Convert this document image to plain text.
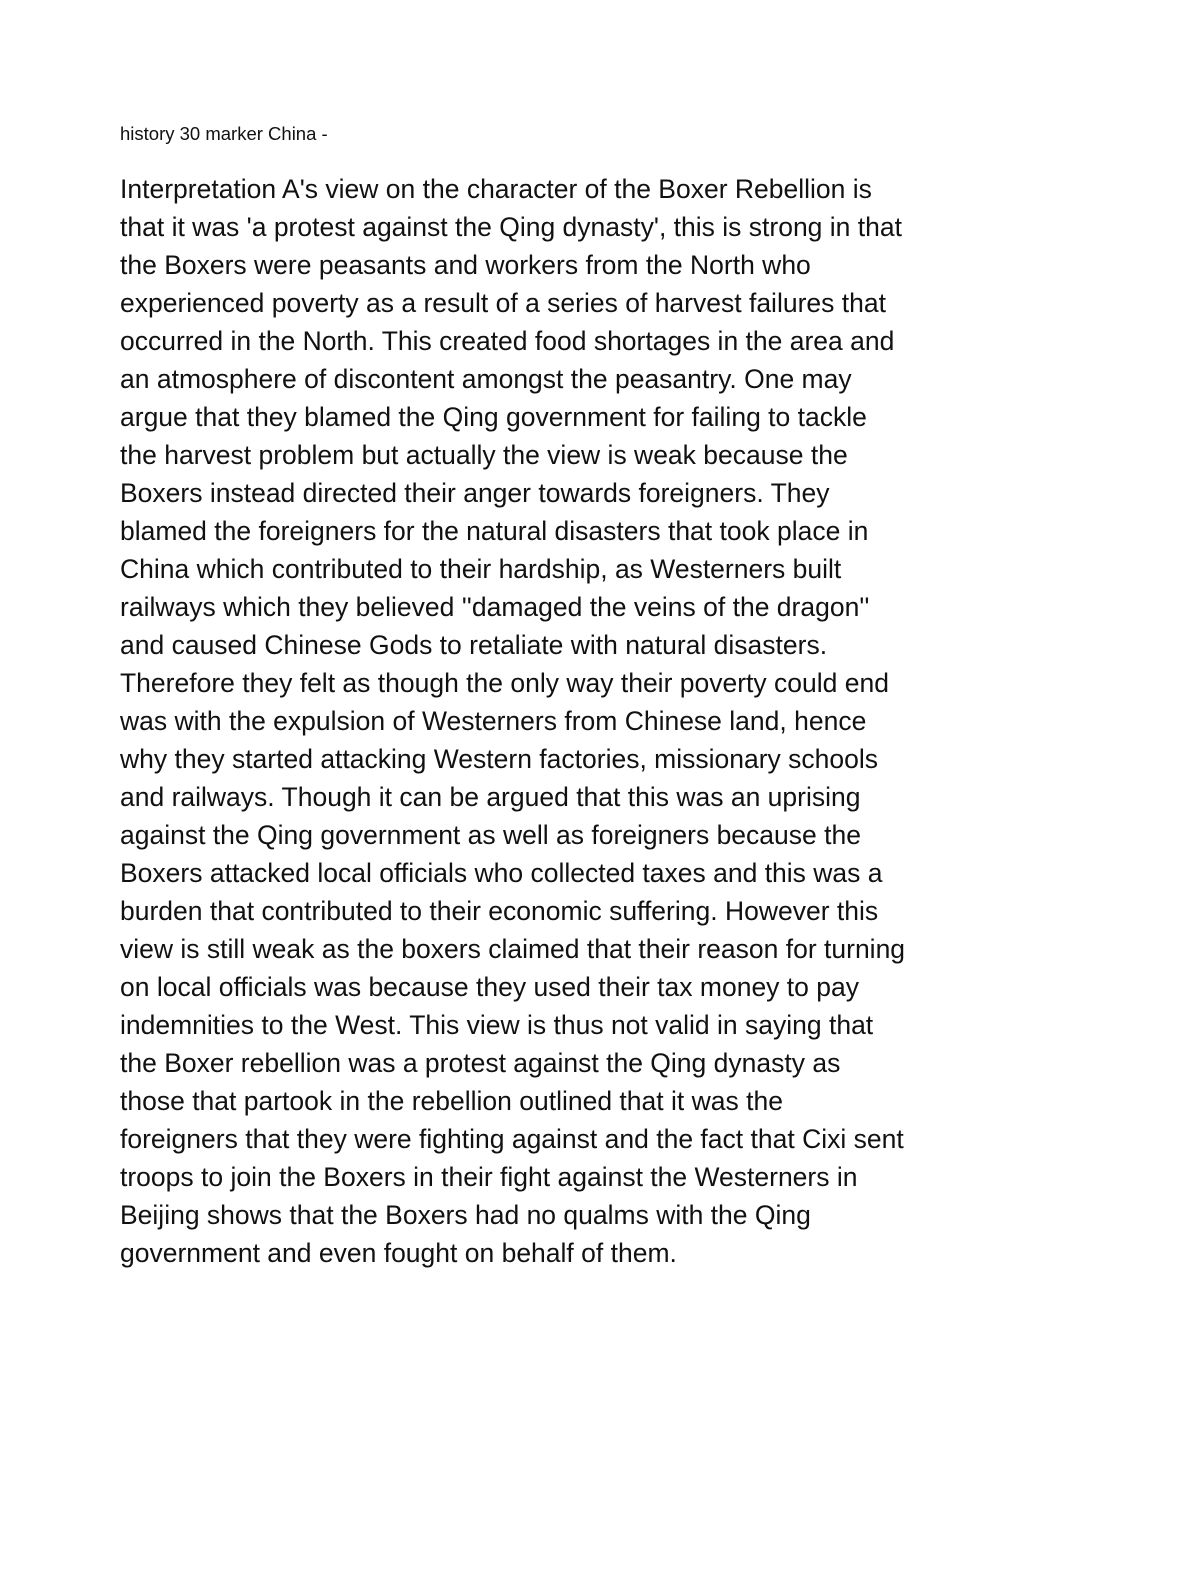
history 30 marker China -

Interpretation A's view on the character of the Boxer Rebellion is

that it was 'a protest against the Qing dynasty', this is strong in that

the Boxers were peasants and workers from the North who

experienced poverty as a result of a series of harvest failures that

occurred in the North. This created food shortages in the area and

an atmosphere of discontent amongst the peasantry. One may

argue that they blamed the Qing government for failing to tackle

the harvest problem but actually the view is weak because the

Boxers instead directed their anger towards foreigners. They

blamed the foreigners for the natural disasters that took place in

China which contributed to their hardship, as Westerners built

railways which they believed ''damaged the veins of the dragon''

and caused Chinese Gods to retaliate with natural disasters.

Therefore they felt as though the only way their poverty could end

was with the expulsion of Westerners from Chinese land, hence

why they started attacking Western factories, missionary schools

and railways. Though it can be argued that this was an uprising

against the Qing government as well as foreigners because the

Boxers attacked local officials who collected taxes and this was a

burden that contributed to their economic suffering. However this

view is still weak as the boxers claimed that their reason for turning

on local officials was because they used their tax money to pay

indemnities to the West. This view is thus not valid in saying that

the Boxer rebellion was a protest against the Qing dynasty as

those that partook in the rebellion outlined that it was the

foreigners that they were fighting against and the fact that Cixi sent

troops to join the Boxers in their fight against the Westerners in

Beijing shows that the Boxers had no qualms with the Qing

government and even fought on behalf of them.
